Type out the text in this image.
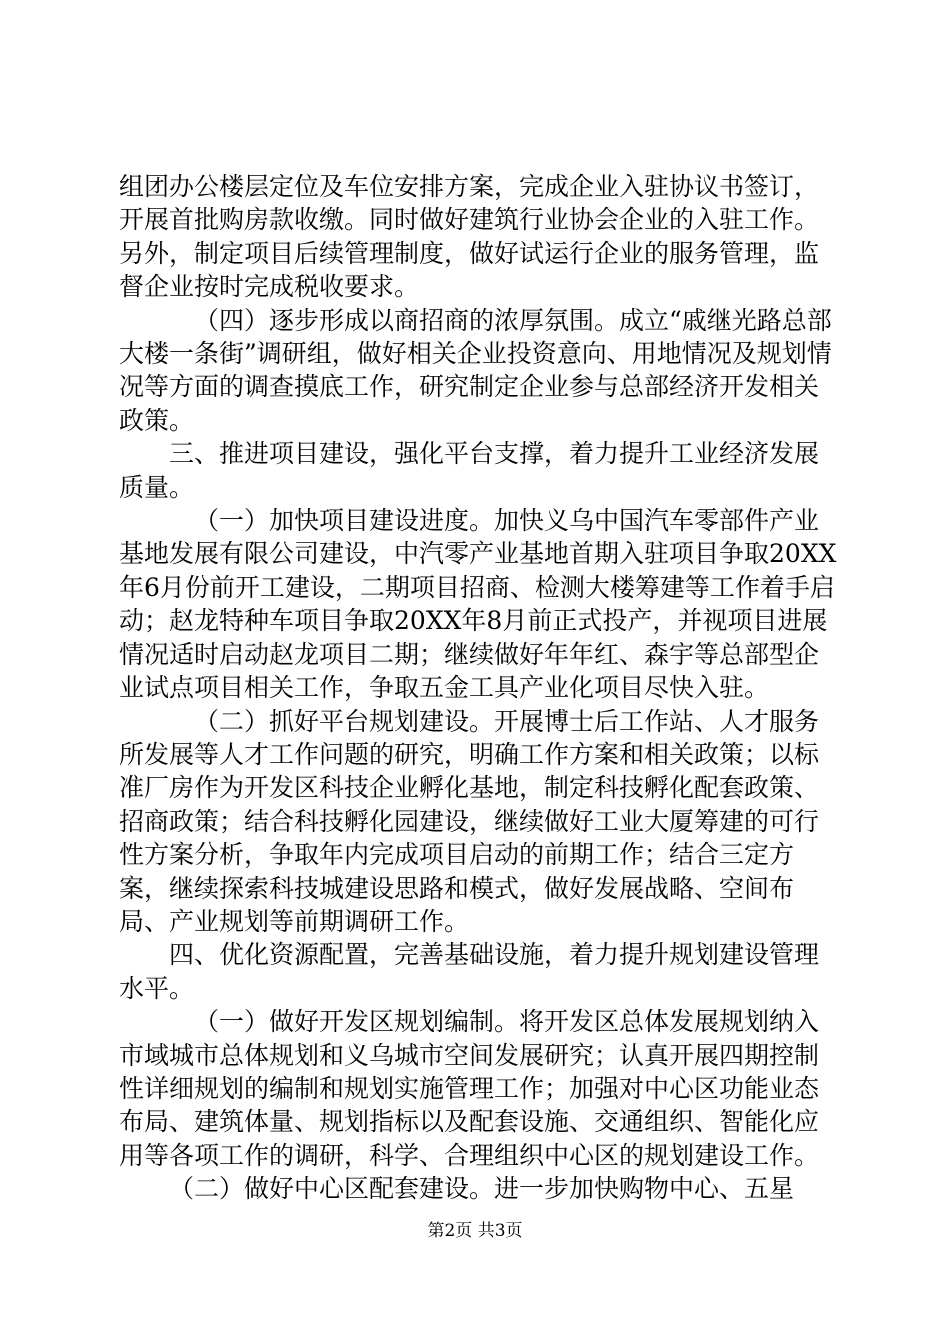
组团办公楼层定位及车位安排方案，完成企业入驻协议书签订，开展首批购房款收缴。同时做好建筑行业协会企业的入驻工作。另外，制定项目后续管理制度，做好试运行企业的服务管理，监督企业按时完成税收要求。

（四）逐步形成以商招商的浓厚氛围。成立“戚继光路总部大楼一条街”调研组，做好相关企业投资意向、用地情况及规划情况等方面的调查摸底工作，研究制定企业参与总部经济开发相关政策。

三、推进项目建设，强化平台支撑，着力提升工业经济发展质量。

（一）加快项目建设进度。加快义乌中国汽车零部件产业基地发展有限公司建设，中汽零产业基地首期入驻项目争取20XX年6月份前开工建设，二期项目招商、检测大楼筹建等工作着手启动；赵龙特种车项目争取20XX年8月前正式投产，并视项目进展情况适时启动赵龙项目二期；继续做好年年红、森宇等总部型企业试点项目相关工作，争取五金工具产业化项目尽快入驻。

（二）抓好平台规划建设。开展博士后工作站、人才服务所发展等人才工作问题的研究，明确工作方案和相关政策；以标准厂房作为开发区科技企业孵化基地，制定科技孵化配套政策、招商政策；结合科技孵化园建设，继续做好工业大厦筹建的可行性方案分析，争取年内完成项目启动的前期工作；结合三定方案，继续探索科技城建设思路和模式，做好发展战略、空间布局、产业规划等前期调研工作。

四、优化资源配置，完善基础设施，着力提升规划建设管理水平。

（一）做好开发区规划编制。将开发区总体发展规划纳入市域城市总体规划和义乌城市空间发展研究；认真开展四期控制性详细规划的编制和规划实施管理工作；加强对中心区功能业态布局、建筑体量、规划指标以及配套设施、交通组织、智能化应用等各项工作的调研，科学、合理组织中心区的规划建设工作。

（二）做好中心区配套建设。进一步加快购物中心、五星

第2页 共3页
